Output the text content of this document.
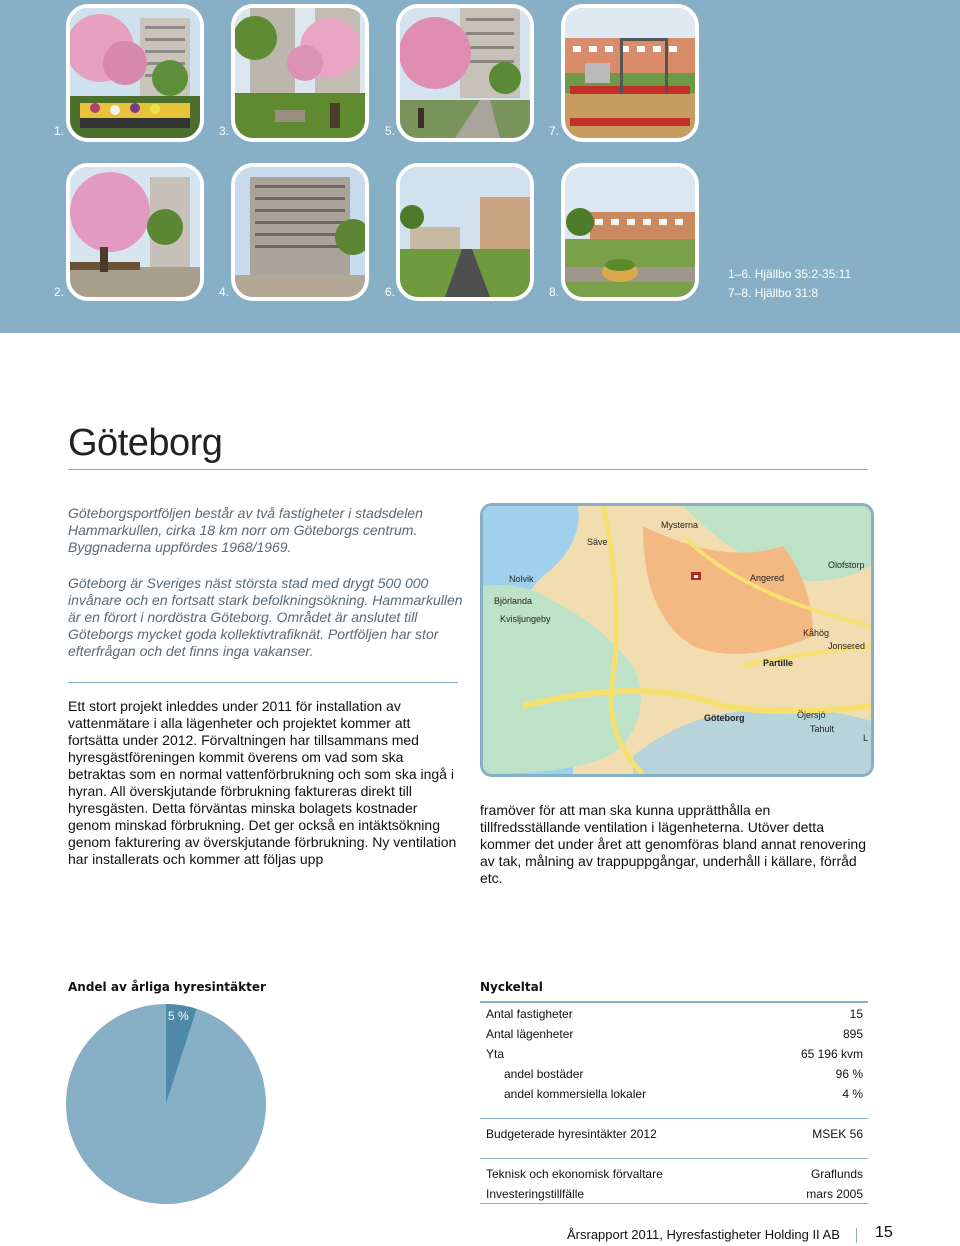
1.	3.	5.	7.
2.	4.	6.	8.
1–6. Hjällbo 35:2-35:11
7–8. Hjällbo 31:8
Göteborg

Göteborgsportföljen består av två fastigheter i stadsdelen Hammarkullen, cirka 18 km norr om Göteborgs centrum. Byggnaderna uppfördes 1968/1969.

Göteborg är Sveriges näst största stad med drygt 500 000 invånare och en fortsatt stark befolkningsökning. Hammarkullen är en förort i nordöstra Göteborg. Området är anslutet till Göteborgs mycket goda kollektivtrafiknät. Portföljen har stor efterfrågan och det finns inga vakanser.

Ett stort projekt inleddes under 2011 för installation av vattenmätare i alla lägenheter och projektet kommer att fortsätta under 2012. Förvaltningen har tillsammans med hyresgästföreningen kommit överens om vad som ska betraktas som en normal vattenförbrukning och som ska ingå i hyran. All överskjutande förbrukning faktureras direkt till hyresgästen. Detta förväntas minska bolagets kostnader genom minskad förbrukning. Det ger också en intäktsökning genom fakturering av överskjutande förbrukning. Ny ventilation har installerats och kommer att följas upp

framöver för att man ska kunna upprätthålla en tillfredsställande ventilation i lägenheterna. Utöver detta kommer det under året att genomföras bland annat renovering av tak, målning av trappuppgångar, underhåll i källare, förråd etc.

Säve
Mysterna
Olofstorp
Nolvik	Angered
Björlanda
Kvisljungeby
Kåhög
Jonsered
Partille
Göteborg	Öjersjö
Tahult
L
Andel av årliga hyresintäkter
5 %
Nyckeltal
Antal fastigheter	15
Antal lägenheter	895
Yta	65 196 kvm
andel bostäder	96 %
andel kommersiella lokaler	4 %
Budgeterade hyresintäkter 2012	MSEK 56
Teknisk och ekonomisk förvaltare	Graflunds
Investeringstillfälle	mars 2005
Årsrapport 2011, Hyresfastigheter Holding II AB 15
